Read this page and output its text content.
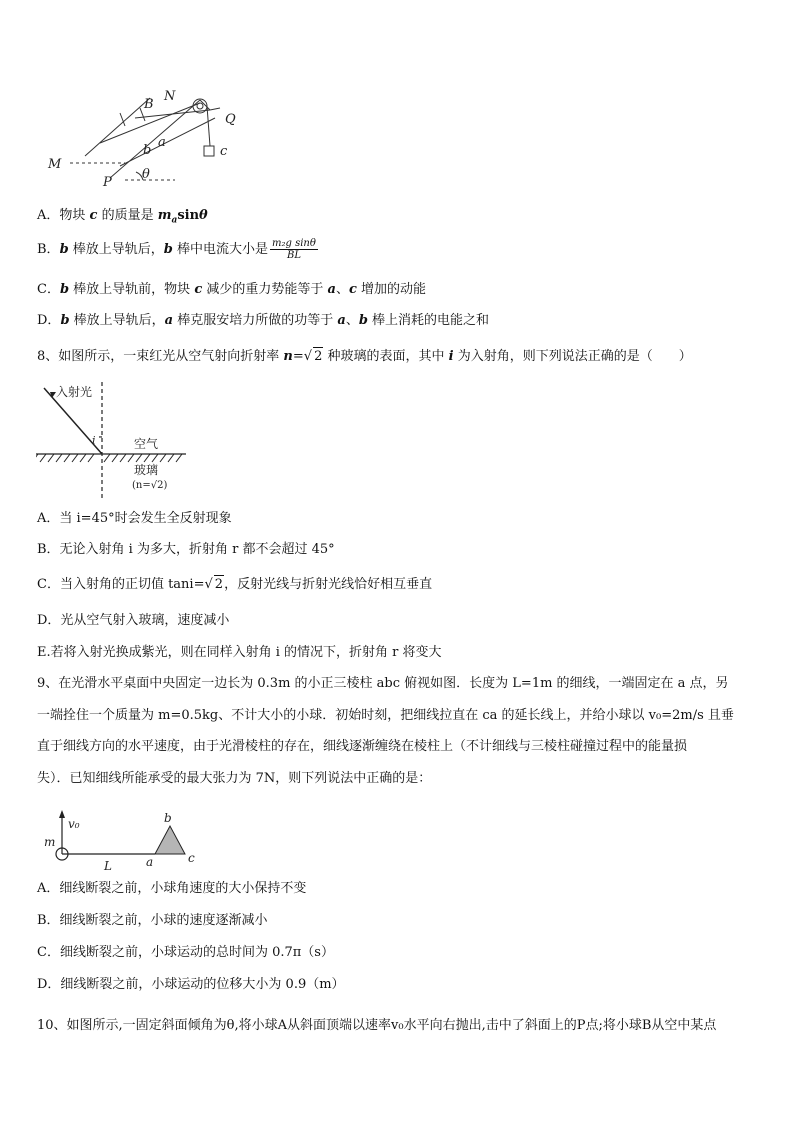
B
N
Q
a
b	c
M
P
θ
A．物块 c 的质量是 $m_a\sin\theta$
B．b 棒放上导轨后，b 棒中电流大小是 $\frac{\text{m₂g sinθ}}{BL}$
C．b 棒放上导轨前，物块 c 减少的重力势能等于 a、c 增加的动能
D．b 棒放上导轨后，a 棒克服安培力所做的功等于 a、b 棒上消耗的电能之和
8、如图所示，一束红光从空气射向折射率 n=√ 2 种玻璃的表面，其中 i 为入射角，则下列说法正确的是（　　）
入射光
i	空气
玻璃
(n=√2)
A．当 i=45°时会发生全反射现象
B．无论入射角 i 为多大，折射角 r 都不会超过 45°
C．当入射角的正切值 tani=√ 2，反射光线与折射光线恰好相互垂直
D．光从空气射入玻璃，速度减小
E.若将入射光换成紫光，则在同样入射角 i 的情况下，折射角 r 将变大
9、在光滑水平桌面中央固定一边长为 0.3m 的小正三棱柱 abc 俯视如图．长度为 L=1m 的细线，一端固定在 a 点，另
一端拴住一个质量为 m=0.5kg、不计大小的小球．初始时刻，把细线拉直在 ca 的延长线上，并给小球以 v₀=2m/s 且垂
直于细线方向的水平速度，由于光滑棱柱的存在，细线逐渐缠绕在棱柱上（不计细线与三棱柱碰撞过程中的能量损
失）．已知细线所能承受的最大张力为 7N，则下列说法中正确的是：
m
v₀
L	a
b
c
A．细线断裂之前，小球角速度的大小保持不变
B．细线断裂之前，小球的速度逐渐减小
C．细线断裂之前，小球运动的总时间为 0.7π（s）
D．细线断裂之前，小球运动的位移大小为 0.9（m）
10、如图所示,一固定斜面倾角为θ,将小球A从斜面顶端以速率v₀水平向右抛出,击中了斜面上的P点;将小球B从空中某点
